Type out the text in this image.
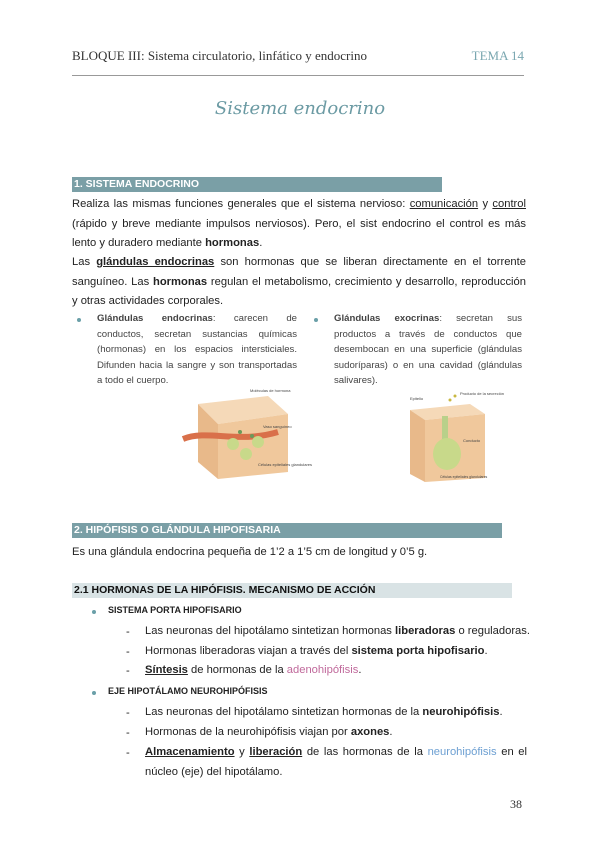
BLOQUE III: Sistema circulatorio, linfático y endocrino	TEMA 14
Sistema endocrino
1. SISTEMA ENDOCRINO
Realiza las mismas funciones generales que el sistema nervioso: comunicación y control (rápido y breve mediante impulsos nerviosos). Pero, el sist endocrino el control es más lento y duradero mediante hormonas.
Las glándulas endocrinas son hormonas que se liberan directamente en el torrente sanguíneo. Las hormonas regulan el metabolismo, crecimiento y desarrollo, reproducción y otras actividades corporales.
Glándulas endocrinas: carecen de conductos, secretan sustancias químicas (hormonas) en los espacios intersticiales. Difunden hacia la sangre y son transportadas a todo el cuerpo.
Glándulas exocrinas: secretan sus productos a través de conductos que desembocan en una superficie (glándulas sudoríparas) o en una cavidad (glándulas salivares).
Moléculas de hormona
Vaso sanguíneo
Células epiteliales glandulares
Epitelio
Producto de la secreción
Conducto
Células epiteliales glandulares
2. HIPÓFISIS O GLÁNDULA HIPOFISARIA
Es una glándula endocrina pequeña de 1’2 a 1’5 cm de longitud y 0’5 g.
2.1 HORMONAS DE LA HIPÓFISIS. MECANISMO DE ACCIÓN
SISTEMA PORTA HIPOFISARIO
- Las neuronas del hipotálamo sintetizan hormonas liberadoras o reguladoras.
- Hormonas liberadoras viajan a través del sistema porta hipofisario.
- Síntesis de hormonas de la adenohipófisis.
EJE HIPOTÁLAMO NEUROHIPÓFISIS
- Las neuronas del hipotálamo sintetizan hormonas de la neurohipófisis.
- Hormonas de la neurohipófisis viajan por axones.
- Almacenamiento y liberación de las hormonas de la neurohipófisis en el núcleo (eje) del hipotálamo.
38
